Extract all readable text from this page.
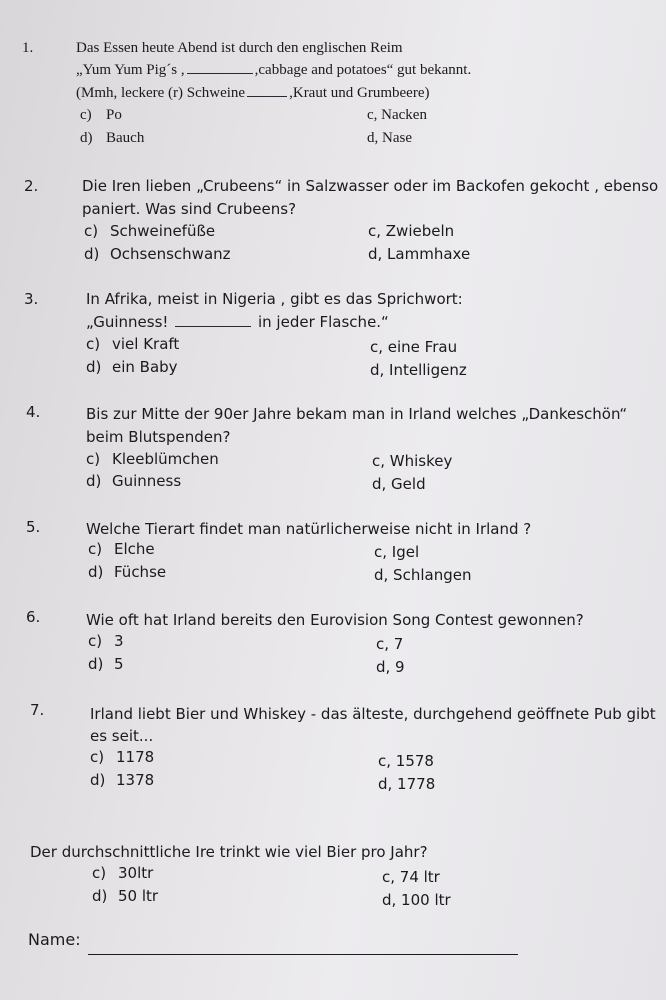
1.	Das Essen heute Abend ist durch den englischen Reim
„Yum Yum Pig´s ,	,cabbage and potatoes“ gut bekannt.
(Mmh, leckere (r) Schweine	,Kraut und Grumbeere)
c) Po	c, Nacken
d) Bauch	d, Nase
2.	Die Iren lieben „Crubeens“ in Salzwasser oder im Backofen gekocht , ebenso
paniert. Was sind Crubeens?
c) Schweinefüße	c, Zwiebeln
d) Ochsenschwanz	d, Lammhaxe
3.	In Afrika, meist in Nigeria , gibt es das Sprichwort:
„Guinness!	in jeder Flasche.“
c) viel Kraft	c, eine Frau
d) ein Baby	d, Intelligenz
4.	Bis zur Mitte der 90er Jahre bekam man in Irland welches „Dankeschön“
beim Blutspenden?
c) Kleeblümchen	c, Whiskey
d) Guinness	d, Geld
5.	Welche Tierart findet man natürlicherweise nicht in Irland ?
c) Elche	c, Igel
d) Füchse	d, Schlangen
6.	Wie oft hat Irland bereits den Eurovision Song Contest gewonnen?
c) 3	c, 7
d) 5	d, 9
7.	Irland liebt Bier und Whiskey - das älteste, durchgehend geöffnete Pub gibt
es seit...
c) 1178	c, 1578
d) 1378	d, 1778
Der durchschnittliche Ire trinkt wie viel Bier pro Jahr?
c) 30ltr	c, 74 ltr
d) 50 ltr	d, 100 ltr
Name:
